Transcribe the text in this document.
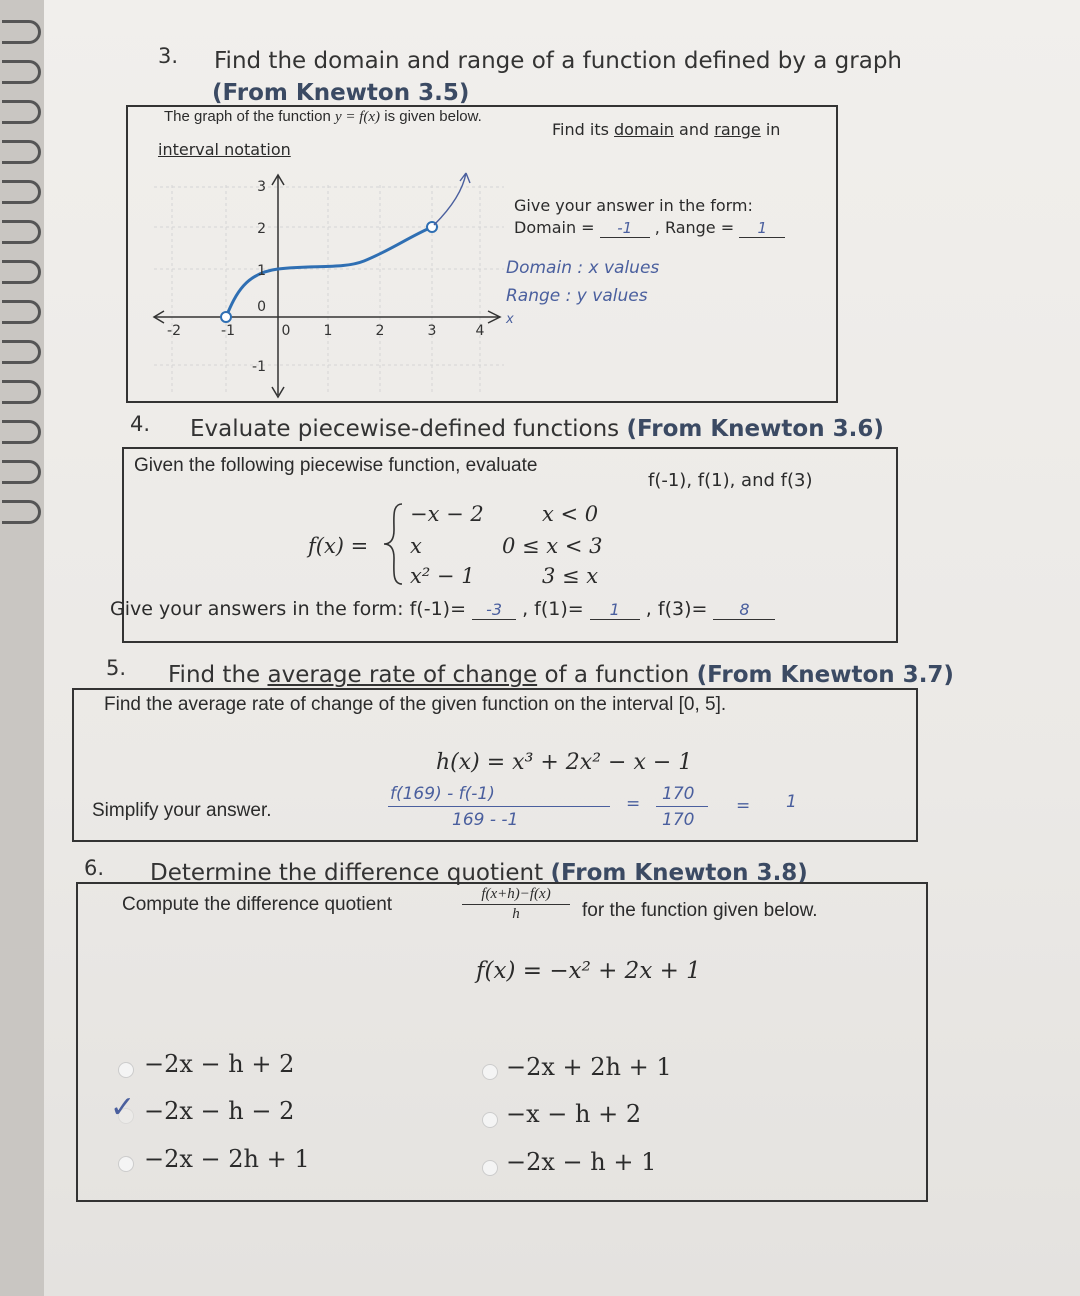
3. Find the domain and range of a function defined by a graph
(From Knewton 3.5)
The graph of the function y = f(x) is given below.
Find its domain and range in
interval notation
3
2
1
0
-1
-2	-1	0 1	2	3	4
x
Give your answer in the form:
Domain = -1 , Range = 1
Domain : x values
Range : y values
4. Evaluate piecewise-defined functions (From Knewton 3.6)
Given the following piecewise function, evaluate
f(-1), f(1), and f(3)
f(x) =
−x − 2	x < 0
x	0 ≤ x < 3
x² − 1	3 ≤ x
Give your answers in the form: f(-1)= -3 , f(1)= 1 , f(3)= 8
5. Find the average rate of change of a function (From Knewton 3.7)
Find the average rate of change of the given function on the interval [0, 5].
h(x) = x³ + 2x² − x − 1
Simplify your answer.
f(169) - f(-1)
169 - -1
= 170
170
= 1
6. Determine the difference quotient (From Knewton 3.8)
Compute the difference quotient	f(x+h)−f(x)
h	for the function given below.
f(x) = −x² + 2x + 1
−2x − h + 2
✓ −2x − h − 2
−2x − 2h + 1
−2x + 2h + 1
−x − h + 2
−2x − h + 1
